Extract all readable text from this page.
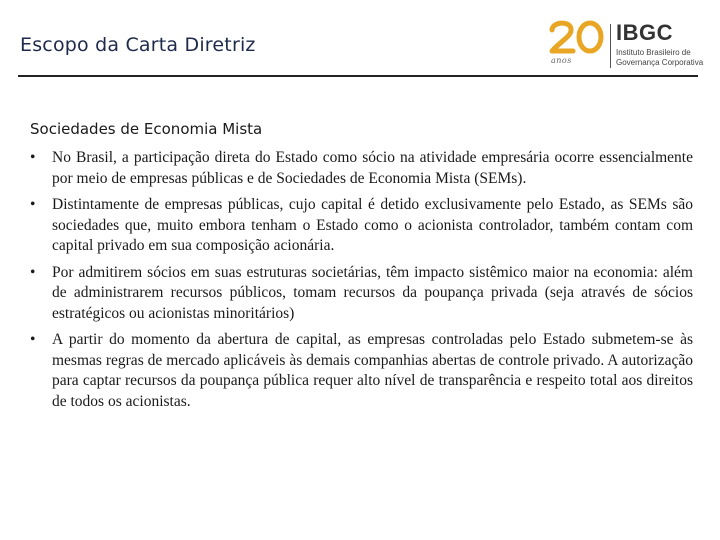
Escopo da Carta Diretriz
anos
IBGC
Instituto Brasileiro de
Governança Corporativa
Sociedades de Economia Mista
• No Brasil, a participação direta do Estado como sócio na atividade empresária ocorre essencialmente por meio de empresas públicas e de Sociedades de Economia Mista (SEMs).
• Distintamente de empresas públicas, cujo capital é detido exclusivamente pelo Estado, as SEMs são sociedades que, muito embora tenham o Estado como o acionista controlador, também contam com capital privado em sua composição acionária.
• Por admitirem sócios em suas estruturas societárias, têm impacto sistêmico maior na economia: além de administrarem recursos públicos, tomam recursos da poupança privada (seja através de sócios estratégicos ou acionistas minoritários)
• A partir do momento da abertura de capital, as empresas controladas pelo Estado submetem-se às mesmas regras de mercado aplicáveis às demais companhias abertas de controle privado. A autorização para captar recursos da poupança pública requer alto nível de transparência e respeito total aos direitos de todos os acionistas.
